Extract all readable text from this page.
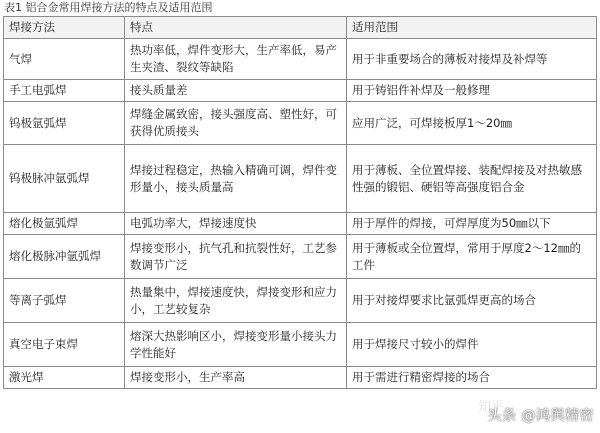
表1 铝合金常用焊接方法的特点及适用范围
焊接方法	特点	适用范围
气焊	热功率低，焊件变形大，生产率低，易产生夹渣、裂纹等缺陷	用于非重要场合的薄板对接焊及补焊等
手工电弧焊	接头质量差	用于铸铝件补焊及一般修理
钨极氩弧焊	焊缝金属致密，接头强度高、塑性好，可获得优质接头	应用广泛，可焊接板厚1～20㎜
钨极脉冲氩弧焊	焊接过程稳定，热输入精确可调，焊件变形量小，接头质量高	用于薄板、全位置焊接、装配焊接及对热敏感性强的锻铝、硬铝等高强度铝合金
熔化极氩弧焊	电弧功率大，焊接速度快	用于厚件的焊接，可焊厚度为50㎜以下
熔化极脉冲氩弧焊	焊接变形小，抗气孔和抗裂性好，工艺参数调节广泛	用于薄板或全位置焊，常用于厚度2～12㎜的工件
等离子弧焊	热量集中，焊接速度快，焊接变形和应力小，工艺较复杂	用于对接焊要求比氩弧焊更高的场合
真空电子束焊	熔深大热影响区小，焊接变形量小接头力学性能好	用于焊接尺寸较小的焊件
激光焊	焊接变形小，生产率高	用于需进行精密焊接的场合
知乎
头条 @鸿舆精密
